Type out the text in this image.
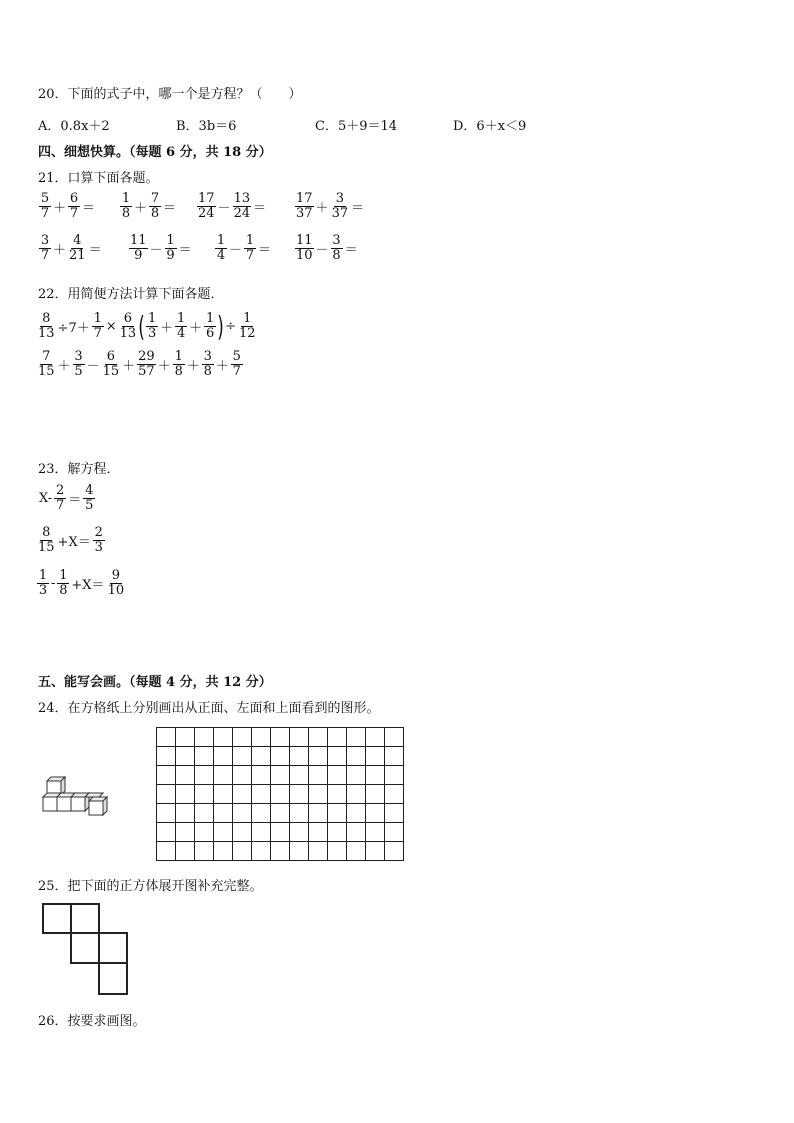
20．下面的式子中，哪一个是方程？（　　）
A．0.8x＋2	B．3b＝6	C．5＋9＝14	D．6＋x＜9
四、细想快算。（每题 6 分，共 18 分）
21．口算下面各题。
$\frac{5}{7} + \frac{6}{7} = \frac{1}{8} + \frac{7}{8} = \frac{17}{24} - \frac{13}{24} = \frac{17}{37} + \frac{3}{37}$ ＝
$\frac{3}{7} + \frac{4}{21} = \frac{11}{9} - \frac{1}{9} = \frac{1}{4} - \frac{1}{7} = \frac{11}{10} - \frac{3}{8}$ ＝
22．用简便方法计算下面各题．
$\frac{8}{13} \div 7+ \frac{1}{7} \times \frac{6}{13}$ ( $\frac{1}{3} + \frac{1}{4} + \frac{1}{6}$ ) ÷ $\frac{1}{12}$
$\frac{7}{15} + \frac{3}{5} - \frac{6}{15} + \frac{29}{57} + \frac{1}{8} + \frac{3}{8} + \frac{5}{7}$
23．解方程．
$X- \frac{2}{7} = \frac{4}{5}$
$\frac{8}{15} +X= \frac{2}{3}$
$\frac{1}{3} - \frac{1}{8} +X= \frac{9}{10}$
五、能写会画。（每题 4 分，共 12 分）
24．在方格纸上分别画出从正面、左面和上面看到的图形。

25．把下面的正方体展开图补充完整。
26．按要求画图。
